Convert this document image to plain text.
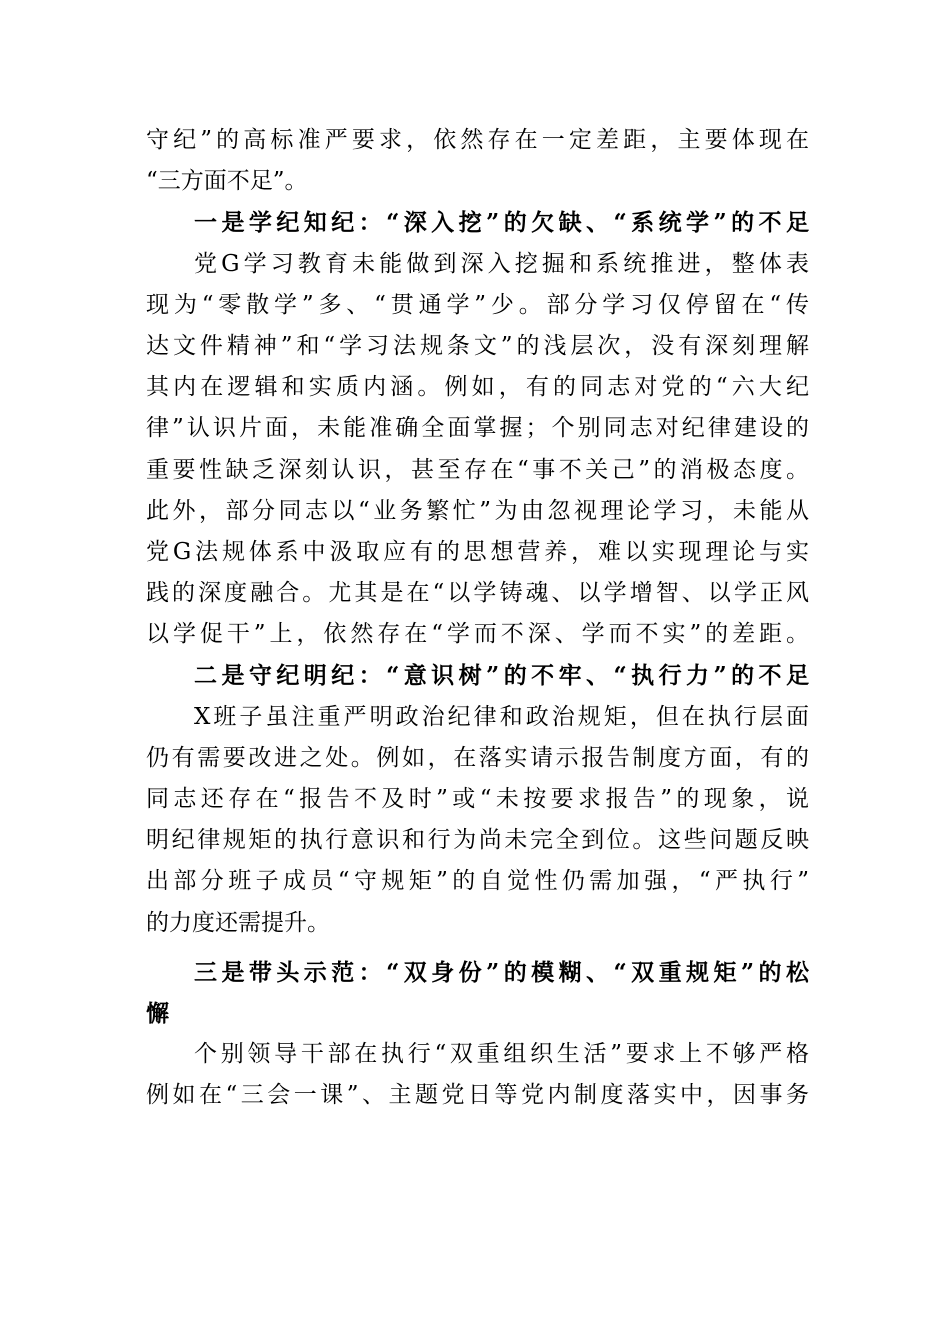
守纪”的高标准严要求，依然存在一定差距，主要体现在
“三方面不足”。
一是学纪知纪：“深入挖”的欠缺、“系统学”的不足
党G学习教育未能做到深入挖掘和系统推进，整体表
现为“零散学”多、“贯通学”少。部分学习仅停留在“传
达文件精神”和“学习法规条文”的浅层次，没有深刻理解
其内在逻辑和实质内涵。例如，有的同志对党的“六大纪
律”认识片面，未能准确全面掌握；个别同志对纪律建设的
重要性缺乏深刻认识，甚至存在“事不关己”的消极态度。
此外，部分同志以“业务繁忙”为由忽视理论学习，未能从
党G法规体系中汲取应有的思想营养，难以实现理论与实
践的深度融合。尤其是在“以学铸魂、以学增智、以学正风
以学促干”上，依然存在“学而不深、学而不实”的差距。
二是守纪明纪：“意识树”的不牢、“执行力”的不足
X班子虽注重严明政治纪律和政治规矩，但在执行层面
仍有需要改进之处。例如，在落实请示报告制度方面，有的
同志还存在“报告不及时”或“未按要求报告”的现象，说
明纪律规矩的执行意识和行为尚未完全到位。这些问题反映
出部分班子成员“守规矩”的自觉性仍需加强，“严执行”
的力度还需提升。
三是带头示范：“双身份”的模糊、“双重规矩”的松
懈
个别领导干部在执行“双重组织生活”要求上不够严格
例如在“三会一课”、主题党日等党内制度落实中，因事务
